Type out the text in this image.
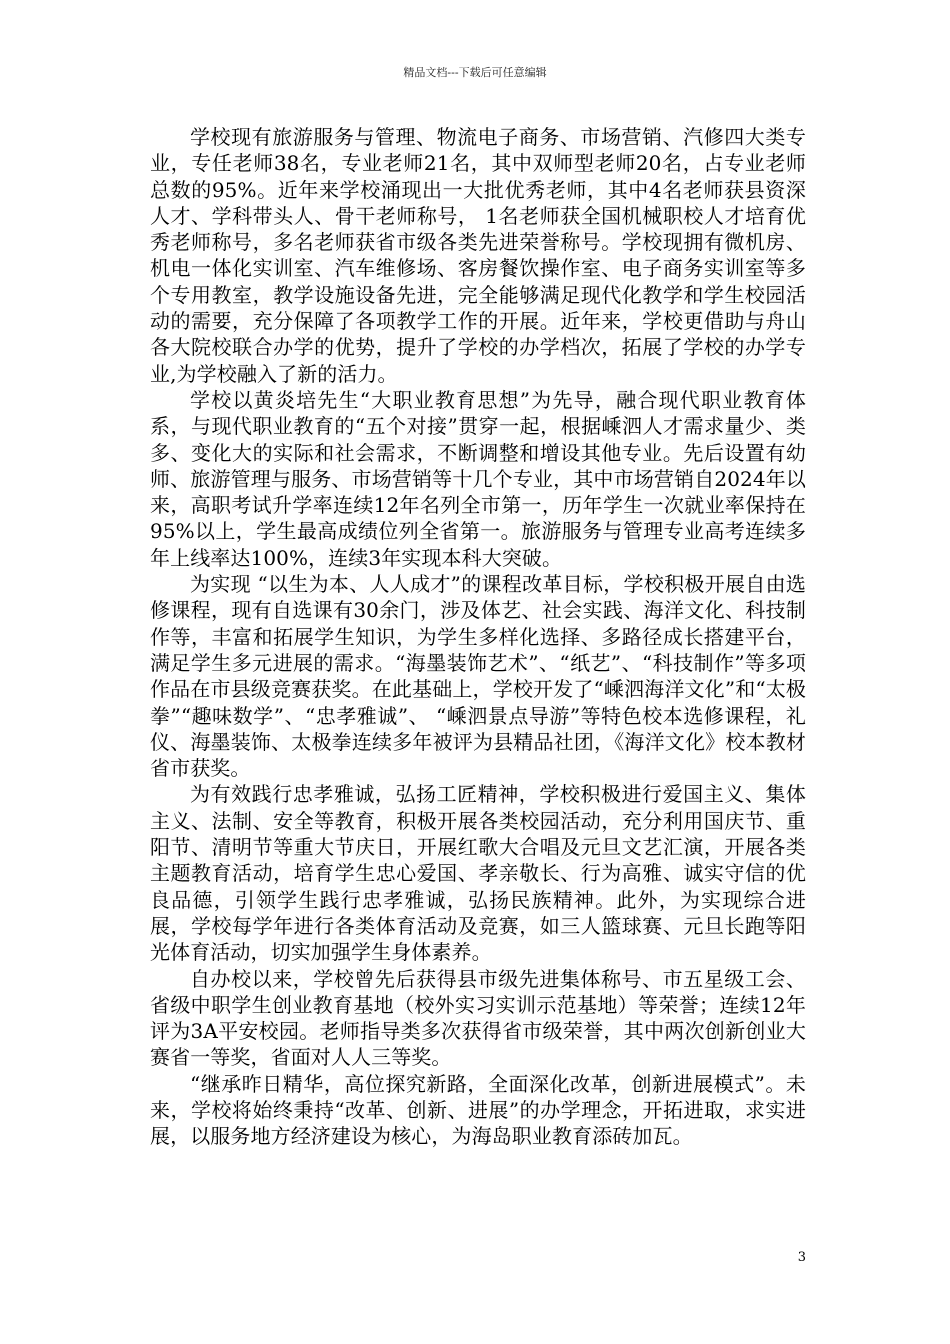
精品文档---下载后可任意编辑

学校现有旅游服务与管理、物流电子商务、市场营销、汽修四大类专业，专任老师38名，专业老师21名，其中双师型老师20名，占专业老师总数的95%。近年来学校涌现出一大批优秀老师，其中4名老师获县资深人才、学科带头人、骨干老师称号， 1名老师获全国机械职校人才培育优秀老师称号，多名老师获省市级各类先进荣誉称号。学校现拥有微机房、机电一体化实训室、汽车维修场、客房餐饮操作室、电子商务实训室等多个专用教室，教学设施设备先进，完全能够满足现代化教学和学生校园活动的需要，充分保障了各项教学工作的开展。近年来，学校更借助与舟山各大院校联合办学的优势，提升了学校的办学档次，拓展了学校的办学专业,为学校融入了新的活力。

学校以黄炎培先生“大职业教育思想”为先导，融合现代职业教育体系，与现代职业教育的“五个对接”贯穿一起，根据嵊泗人才需求量少、类多、变化大的实际和社会需求，不断调整和增设其他专业。先后设置有幼师、旅游管理与服务、市场营销等十几个专业，其中市场营销自2024年以来，高职考试升学率连续12年名列全市第一，历年学生一次就业率保持在95%以上，学生最高成绩位列全省第一。旅游服务与管理专业高考连续多年上线率达100%，连续3年实现本科大突破。

为实现 “以生为本、人人成才”的课程改革目标，学校积极开展自由选修课程，现有自选课有30余门，涉及体艺、社会实践、海洋文化、科技制作等，丰富和拓展学生知识，为学生多样化选择、多路径成长搭建平台，满足学生多元进展的需求。“海墨装饰艺术”、“纸艺”、“科技制作”等多项作品在市县级竞赛获奖。在此基础上，学校开发了“嵊泗海洋文化”和“太极拳”“趣味数学”、“忠孝雅诚”、 “嵊泗景点导游”等特色校本选修课程，礼仪、海墨装饰、太极拳连续多年被评为县精品社团，《海洋文化》校本教材省市获奖。

为有效践行忠孝雅诚，弘扬工匠精神，学校积极进行爱国主义、集体主义、法制、安全等教育，积极开展各类校园活动，充分利用国庆节、重阳节、清明节等重大节庆日，开展红歌大合唱及元旦文艺汇演，开展各类主题教育活动，培育学生忠心爱国、孝亲敬长、行为高雅、诚实守信的优良品德，引领学生践行忠孝雅诚，弘扬民族精神。此外，为实现综合进展，学校每学年进行各类体育活动及竞赛，如三人篮球赛、元旦长跑等阳光体育活动，切实加强学生身体素养。

自办校以来，学校曾先后获得县市级先进集体称号、市五星级工会、省级中职学生创业教育基地（校外实习实训示范基地）等荣誉；连续12年评为3A平安校园。老师指导类多次获得省市级荣誉，其中两次创新创业大赛省一等奖，省面对人人三等奖。

“继承昨日精华，高位探究新路，全面深化改革，创新进展模式”。未来，学校将始终秉持“改革、创新、进展”的办学理念，开拓进取，求实进展，以服务地方经济建设为核心，为海岛职业教育添砖加瓦。

3
